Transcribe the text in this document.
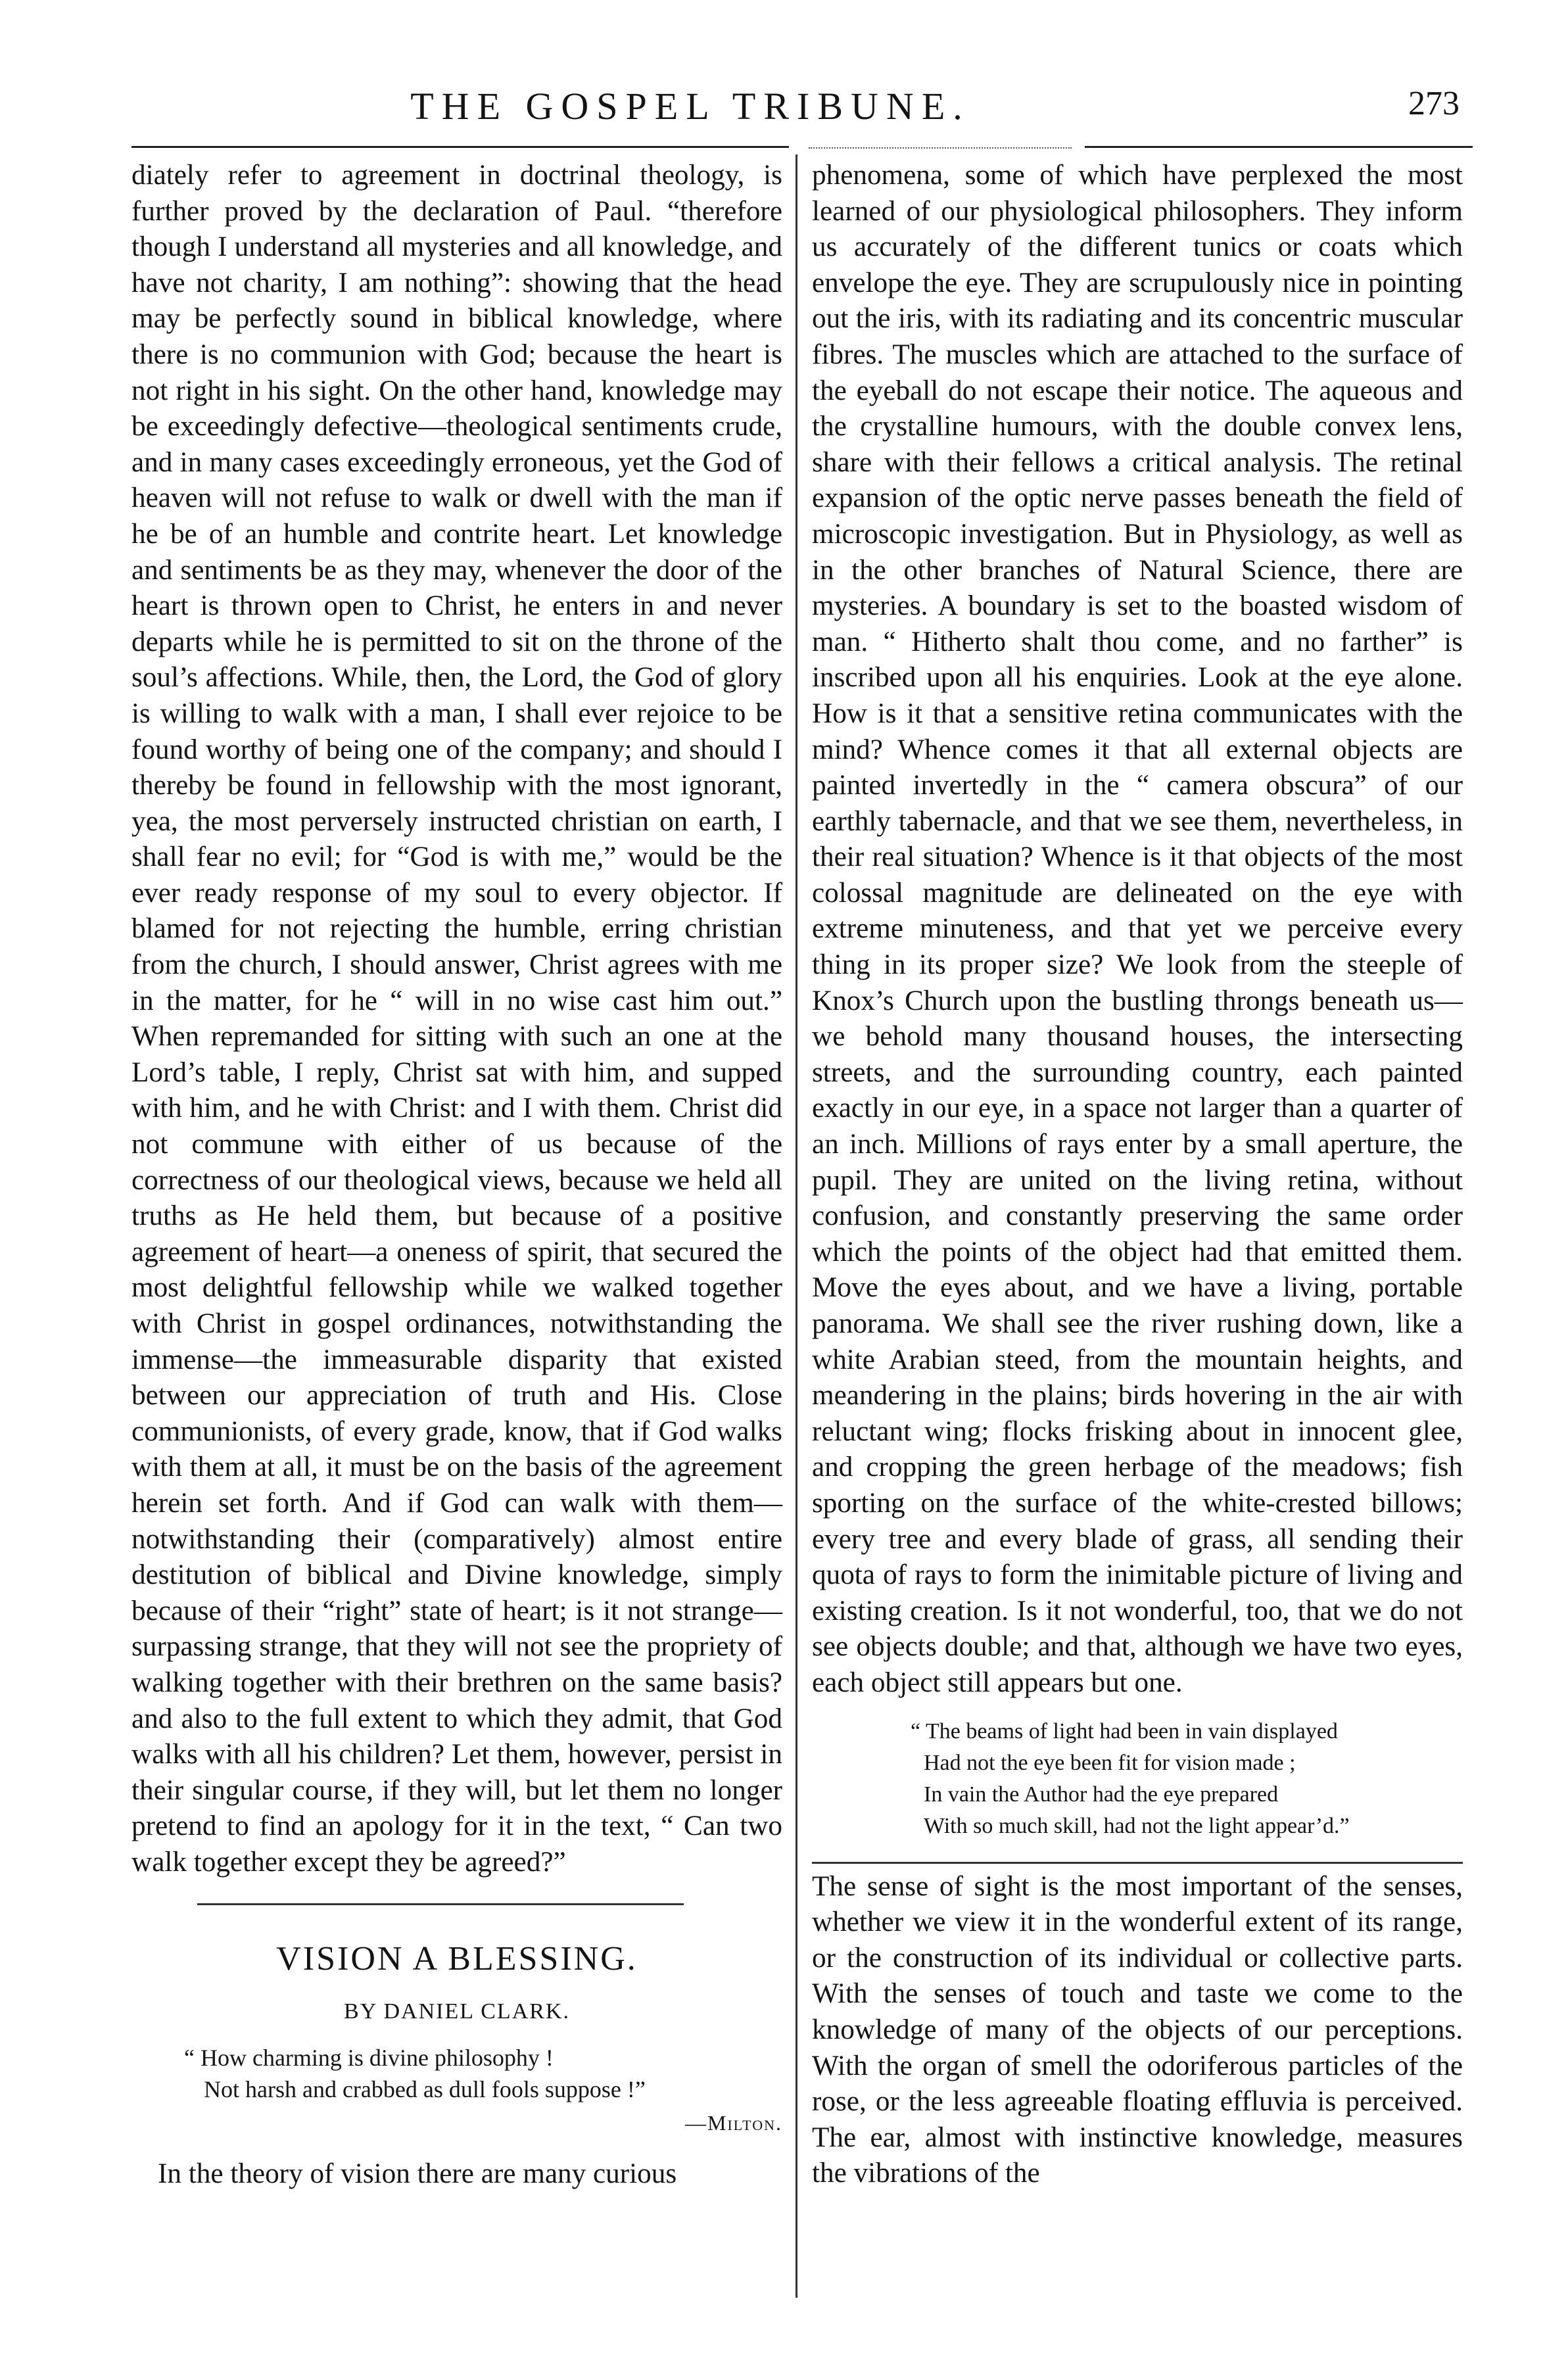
THE GOSPEL TRIBUNE.	273

diately refer to agreement in doctrinal theology, is further proved by the declaration of Paul. “therefore though I understand all mysteries and all knowledge, and have not charity, I am nothing”: showing that the head may be perfectly sound in biblical knowledge, where there is no communion with God; because the heart is not right in his sight. On the other hand, knowledge may be exceedingly defective—theological sentiments crude, and in many cases exceedingly erroneous, yet the God of heaven will not refuse to walk or dwell with the man if he be of an humble and contrite heart. Let knowledge and sentiments be as they may, whenever the door of the heart is thrown open to Christ, he enters in and never departs while he is permitted to sit on the throne of the soul’s affections. While, then, the Lord, the God of glory is willing to walk with a man, I shall ever rejoice to be found worthy of being one of the company; and should I thereby be found in fellowship with the most ignorant, yea, the most perversely instructed christian on earth, I shall fear no evil; for “God is with me,” would be the ever ready response of my soul to every objector. If blamed for not rejecting the humble, erring christian from the church, I should answer, Christ agrees with me in the matter, for he “ will in no wise cast him out.” When repremanded for sitting with such an one at the Lord’s table, I reply, Christ sat with him, and supped with him, and he with Christ: and I with them. Christ did not commune with either of us because of the correctness of our theological views, because we held all truths as He held them, but because of a positive agreement of heart—a oneness of spirit, that secured the most delightful fellowship while we walked together with Christ in gospel ordinances, notwithstanding the immense—the immeasurable disparity that existed between our appreciation of truth and His. Close communionists, of every grade, know, that if God walks with them at all, it must be on the basis of the agreement herein set forth. And if God can walk with them—notwithstanding their (comparatively) almost entire destitution of biblical and Divine knowledge, simply because of their “right” state of heart; is it not strange—surpassing strange, that they will not see the propriety of walking together with their brethren on the same basis? and also to the full extent to which they admit, that God walks with all his children? Let them, however, persist in their singular course, if they will, but let them no longer pretend to find an apology for it in the text, “ Can two walk together except they be agreed?”

VISION A BLESSING.
BY DANIEL CLARK.
“ How charming is divine philosophy !
Not harsh and crabbed as dull fools suppose !”
—Milton.

In the theory of vision there are many curious

phenomena, some of which have perplexed the most learned of our physiological philosophers. They inform us accurately of the different tunics or coats which envelope the eye. They are scrupulously nice in pointing out the iris, with its radiating and its concentric muscular fibres. The muscles which are attached to the surface of the eyeball do not escape their notice. The aqueous and the crystalline humours, with the double convex lens, share with their fellows a critical analysis. The retinal expansion of the optic nerve passes beneath the field of microscopic investigation. But in Physiology, as well as in the other branches of Natural Science, there are mysteries. A boundary is set to the boasted wisdom of man. “ Hitherto shalt thou come, and no farther” is inscribed upon all his enquiries. Look at the eye alone. How is it that a sensitive retina communicates with the mind? Whence comes it that all external objects are painted invertedly in the “ camera obscura” of our earthly tabernacle, and that we see them, nevertheless, in their real situation? Whence is it that objects of the most colossal magnitude are delineated on the eye with extreme minuteness, and that yet we perceive every thing in its proper size? We look from the steeple of Knox’s Church upon the bustling throngs beneath us—we behold many thousand houses, the intersecting streets, and the surrounding country, each painted exactly in our eye, in a space not larger than a quarter of an inch. Millions of rays enter by a small aperture, the pupil. They are united on the living retina, without confusion, and constantly preserving the same order which the points of the object had that emitted them. Move the eyes about, and we have a living, portable panorama. We shall see the river rushing down, like a white Arabian steed, from the mountain heights, and meandering in the plains; birds hovering in the air with reluctant wing; flocks frisking about in innocent glee, and cropping the green herbage of the meadows; fish sporting on the surface of the white-crested billows; every tree and every blade of grass, all sending their quota of rays to form the inimitable picture of living and existing creation. Is it not wonderful, too, that we do not see objects double; and that, although we have two eyes, each object still appears but one.

“ The beams of light had been in vain displayed
Had not the eye been fit for vision made ;
In vain the Author had the eye prepared
With so much skill, had not the light appear’d.”

The sense of sight is the most important of the senses, whether we view it in the wonderful extent of its range, or the construction of its individual or collective parts. With the senses of touch and taste we come to the knowledge of many of the objects of our perceptions. With the organ of smell the odoriferous particles of the rose, or the less agreeable floating effluvia is perceived. The ear, almost with instinctive knowledge, measures the vibrations of the
